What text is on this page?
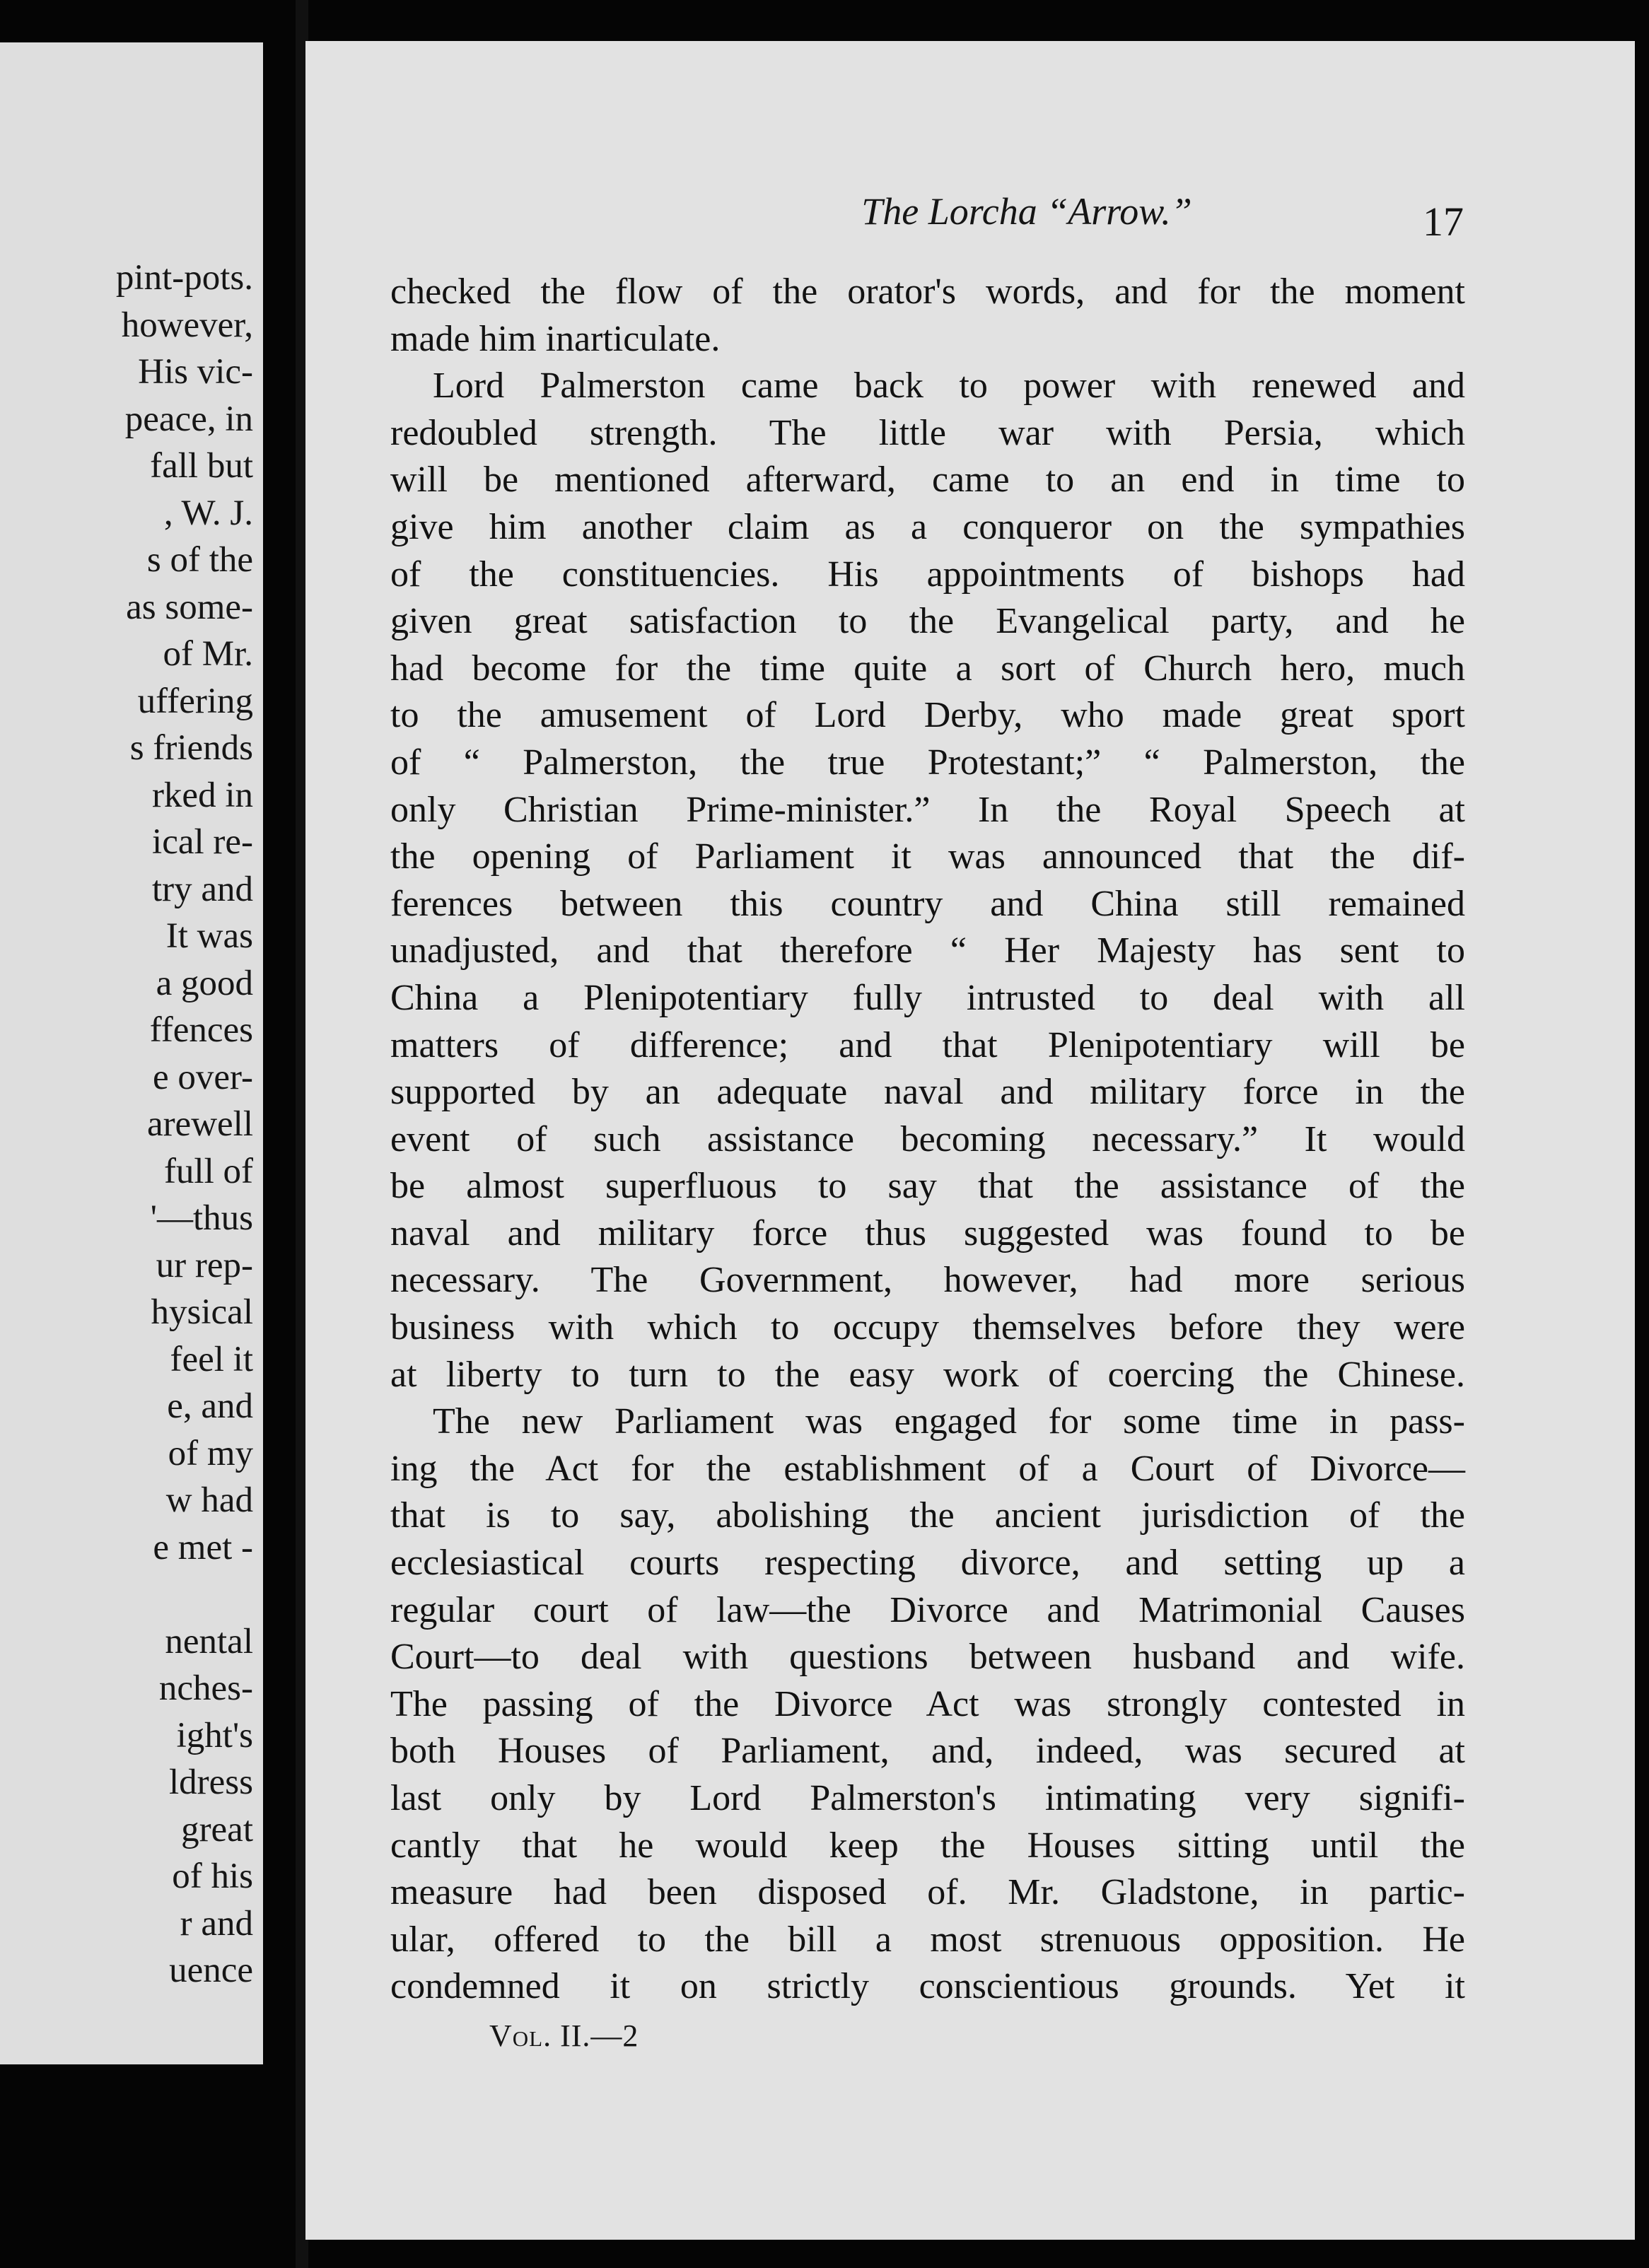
pint-pots.
however,
His vic-
peace, in
fall but
, W. J.
s of the
as some-
of Mr.
uffering
s friends
rked in
ical re-
try and
It was
a good
ffences
e over-
arewell
full of
'—thus
ur rep-
hysical
feel it
e, and
of my
w had
e met -
nental
nches-
ight's
ldress
great
of his
r and
uence
The Lorcha “Arrow.”	17
checked the flow of the orator's words, and for the moment
made him inarticulate.
Lord Palmerston came back to power with renewed and
redoubled strength. The little war with Persia, which
will be mentioned afterward, came to an end in time to
give him another claim as a conqueror on the sympathies
of the constituencies. His appointments of bishops had
given great satisfaction to the Evangelical party, and he
had become for the time quite a sort of Church hero, much
to the amusement of Lord Derby, who made great sport
of “ Palmerston, the true Protestant;” “ Palmerston, the
only Christian Prime-minister.” In the Royal Speech at
the opening of Parliament it was announced that the dif-
ferences between this country and China still remained
unadjusted, and that therefore “ Her Majesty has sent to
China a Plenipotentiary fully intrusted to deal with all
matters of difference; and that Plenipotentiary will be
supported by an adequate naval and military force in the
event of such assistance becoming necessary.” It would
be almost superfluous to say that the assistance of the
naval and military force thus suggested was found to be
necessary. The Government, however, had more serious
business with which to occupy themselves before they were
at liberty to turn to the easy work of coercing the Chinese.
The new Parliament was engaged for some time in pass-
ing the Act for the establishment of a Court of Divorce—
that is to say, abolishing the ancient jurisdiction of the
ecclesiastical courts respecting divorce, and setting up a
regular court of law—the Divorce and Matrimonial Causes
Court—to deal with questions between husband and wife.
The passing of the Divorce Act was strongly contested in
both Houses of Parliament, and, indeed, was secured at
last only by Lord Palmerston's intimating very signifi-
cantly that he would keep the Houses sitting until the
measure had been disposed of. Mr. Gladstone, in partic-
ular, offered to the bill a most strenuous opposition. He
condemned it on strictly conscientious grounds. Yet it
Vol. II.—2
